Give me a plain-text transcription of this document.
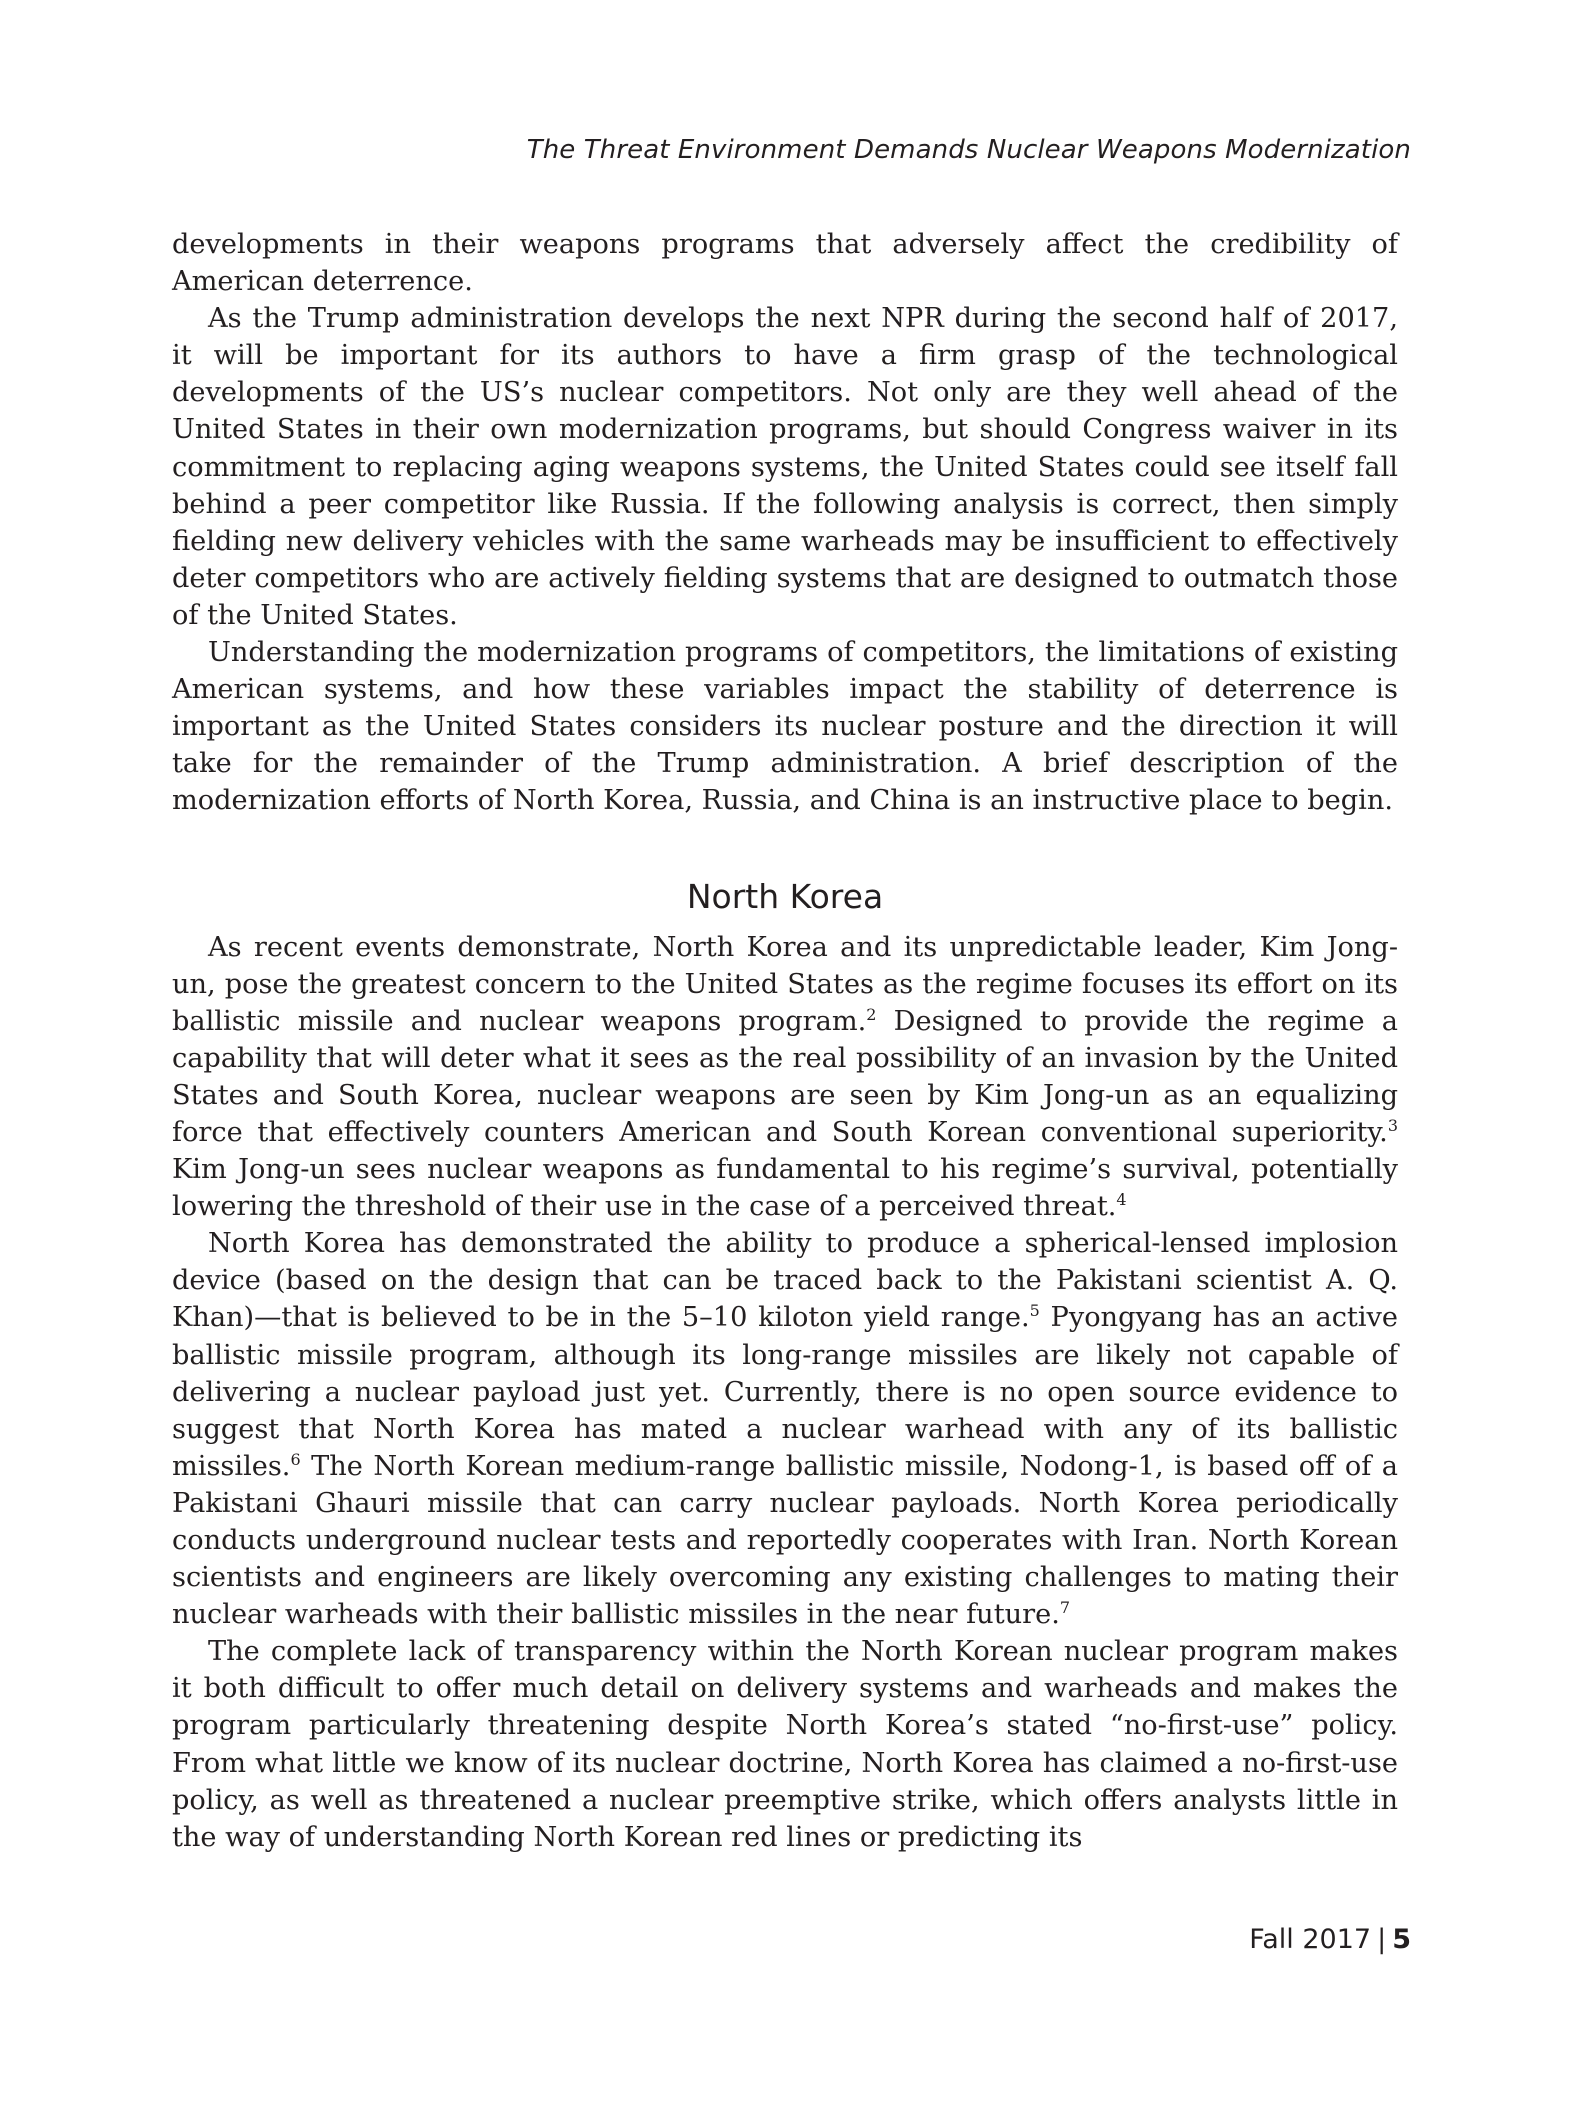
The Threat Environment Demands Nuclear Weapons Modernization

developments in their weapons programs that adversely affect the credibility of American deterrence.

As the Trump administration develops the next NPR during the second half of 2017, it will be important for its authors to have a firm grasp of the technological developments of the US’s nuclear competitors. Not only are they well ahead of the United States in their own modernization programs, but should Congress waiver in its commitment to replacing aging weapons systems, the United States could see itself fall behind a peer competitor like Russia. If the following analysis is correct, then simply fielding new delivery vehicles with the same warheads may be insufficient to effectively deter competitors who are actively fielding systems that are designed to outmatch those of the United States.

Understanding the modernization programs of competitors, the limitations of existing American systems, and how these variables impact the stability of deterrence is important as the United States considers its nuclear posture and the direction it will take for the remainder of the Trump administration. A brief description of the modernization efforts of North Korea, Russia, and China is an instructive place to begin.

North Korea

As recent events demonstrate, North Korea and its unpredictable leader, Kim Jong-un, pose the greatest concern to the United States as the regime focuses its effort on its ballistic missile and nuclear weapons program.$^2$ Designed to provide the regime a capability that will deter what it sees as the real possibility of an invasion by the United States and South Korea, nuclear weapons are seen by Kim Jong-un as an equalizing force that effectively counters American and South Korean conventional superiority.$^3$ Kim Jong-un sees nuclear weapons as fundamental to his regime’s survival, potentially lowering the threshold of their use in the case of a perceived threat.$^4$

North Korea has demonstrated the ability to produce a spherical-lensed implosion device (based on the design that can be traced back to the Pakistani scientist A. Q. Khan)—that is believed to be in the 5–10 kiloton yield range.$^5$ Pyongyang has an active ballistic missile program, although its long-range missiles are likely not capable of delivering a nuclear payload just yet. Currently, there is no open source evidence to suggest that North Korea has mated a nuclear warhead with any of its ballistic missiles.$^6$ The North Korean medium-range ballistic missile, Nodong-1, is based off of a Pakistani Ghauri missile that can carry nuclear payloads. North Korea periodically conducts underground nuclear tests and reportedly cooperates with Iran. North Korean scientists and engineers are likely overcoming any existing challenges to mating their nuclear warheads with their ballistic missiles in the near future.$^7$

The complete lack of transparency within the North Korean nuclear program makes it both difficult to offer much detail on delivery systems and warheads and makes the program particularly threatening despite North Korea’s stated “no-first-use” policy. From what little we know of its nuclear doctrine, North Korea has claimed a no-first-use policy, as well as threatened a nuclear preemptive strike, which offers analysts little in the way of understanding North Korean red lines or predicting its

Fall 2017 | 5
